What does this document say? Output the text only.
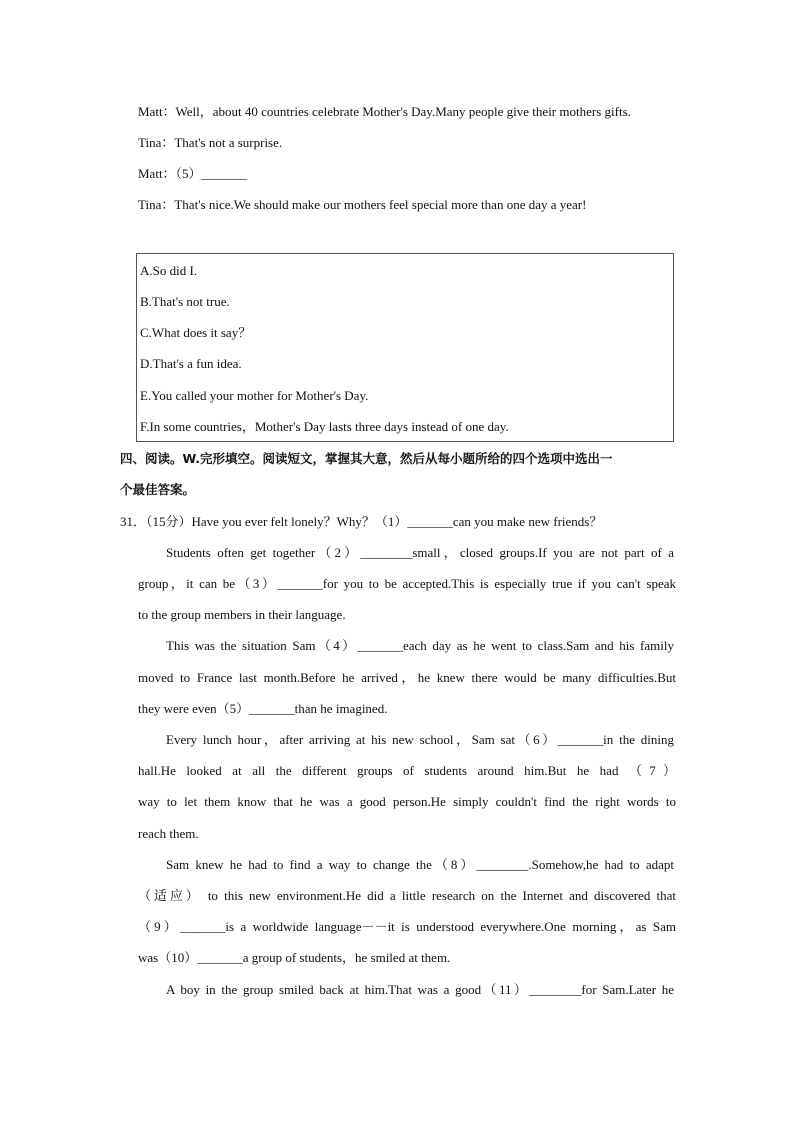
Matt：Well，about 40 countries celebrate Mother's Day.Many people give their mothers gifts.
Tina：That's not a surprise.
Matt：（5）_______
Tina：That's nice.We should make our mothers feel special more than one day a year!
A.So did I.
B.That's not true.
C.What does it say？
D.That's a fun idea.
E.You called your mother for Mother's Day.
F.In some countries，Mother's Day lasts three days instead of one day.
四、阅读。W.完形填空。阅读短文，掌握其大意，然后从每小题所给的四个选项中选出一
个最佳答案。
31．（15分）Have you ever felt lonely？Why？（1）_______can you make new friends？
Students often get together（2）________small，closed groups.If you are not part of a
group，it can be（3）_______for you to be accepted.This is especially true if you can't speak
to the group members in their language.
This was the situation Sam（4）_______each day as he went to class.Sam and his family
moved to France last month.Before he arrived，he knew there would be many difficulties.But
they were even（5）_______than he imagined.
Every lunch hour，after arriving at his new school，Sam sat（6）_______in the dining
hall.He looked at all the different groups of students around him.But he had （7）
way to let them know that he was a good person.He simply couldn't find the right words to
reach them.
Sam knew he had to find a way to change the（8）________.Somehow,he had to adapt
（适应） to this new environment.He did a little research on the Internet and discovered that
（9）_______is a worldwide language－－it is understood everywhere.One morning，as Sam
was（10）_______a group of students，he smiled at them.
A boy in the group smiled back at him.That was a good（11）________for Sam.Later he
